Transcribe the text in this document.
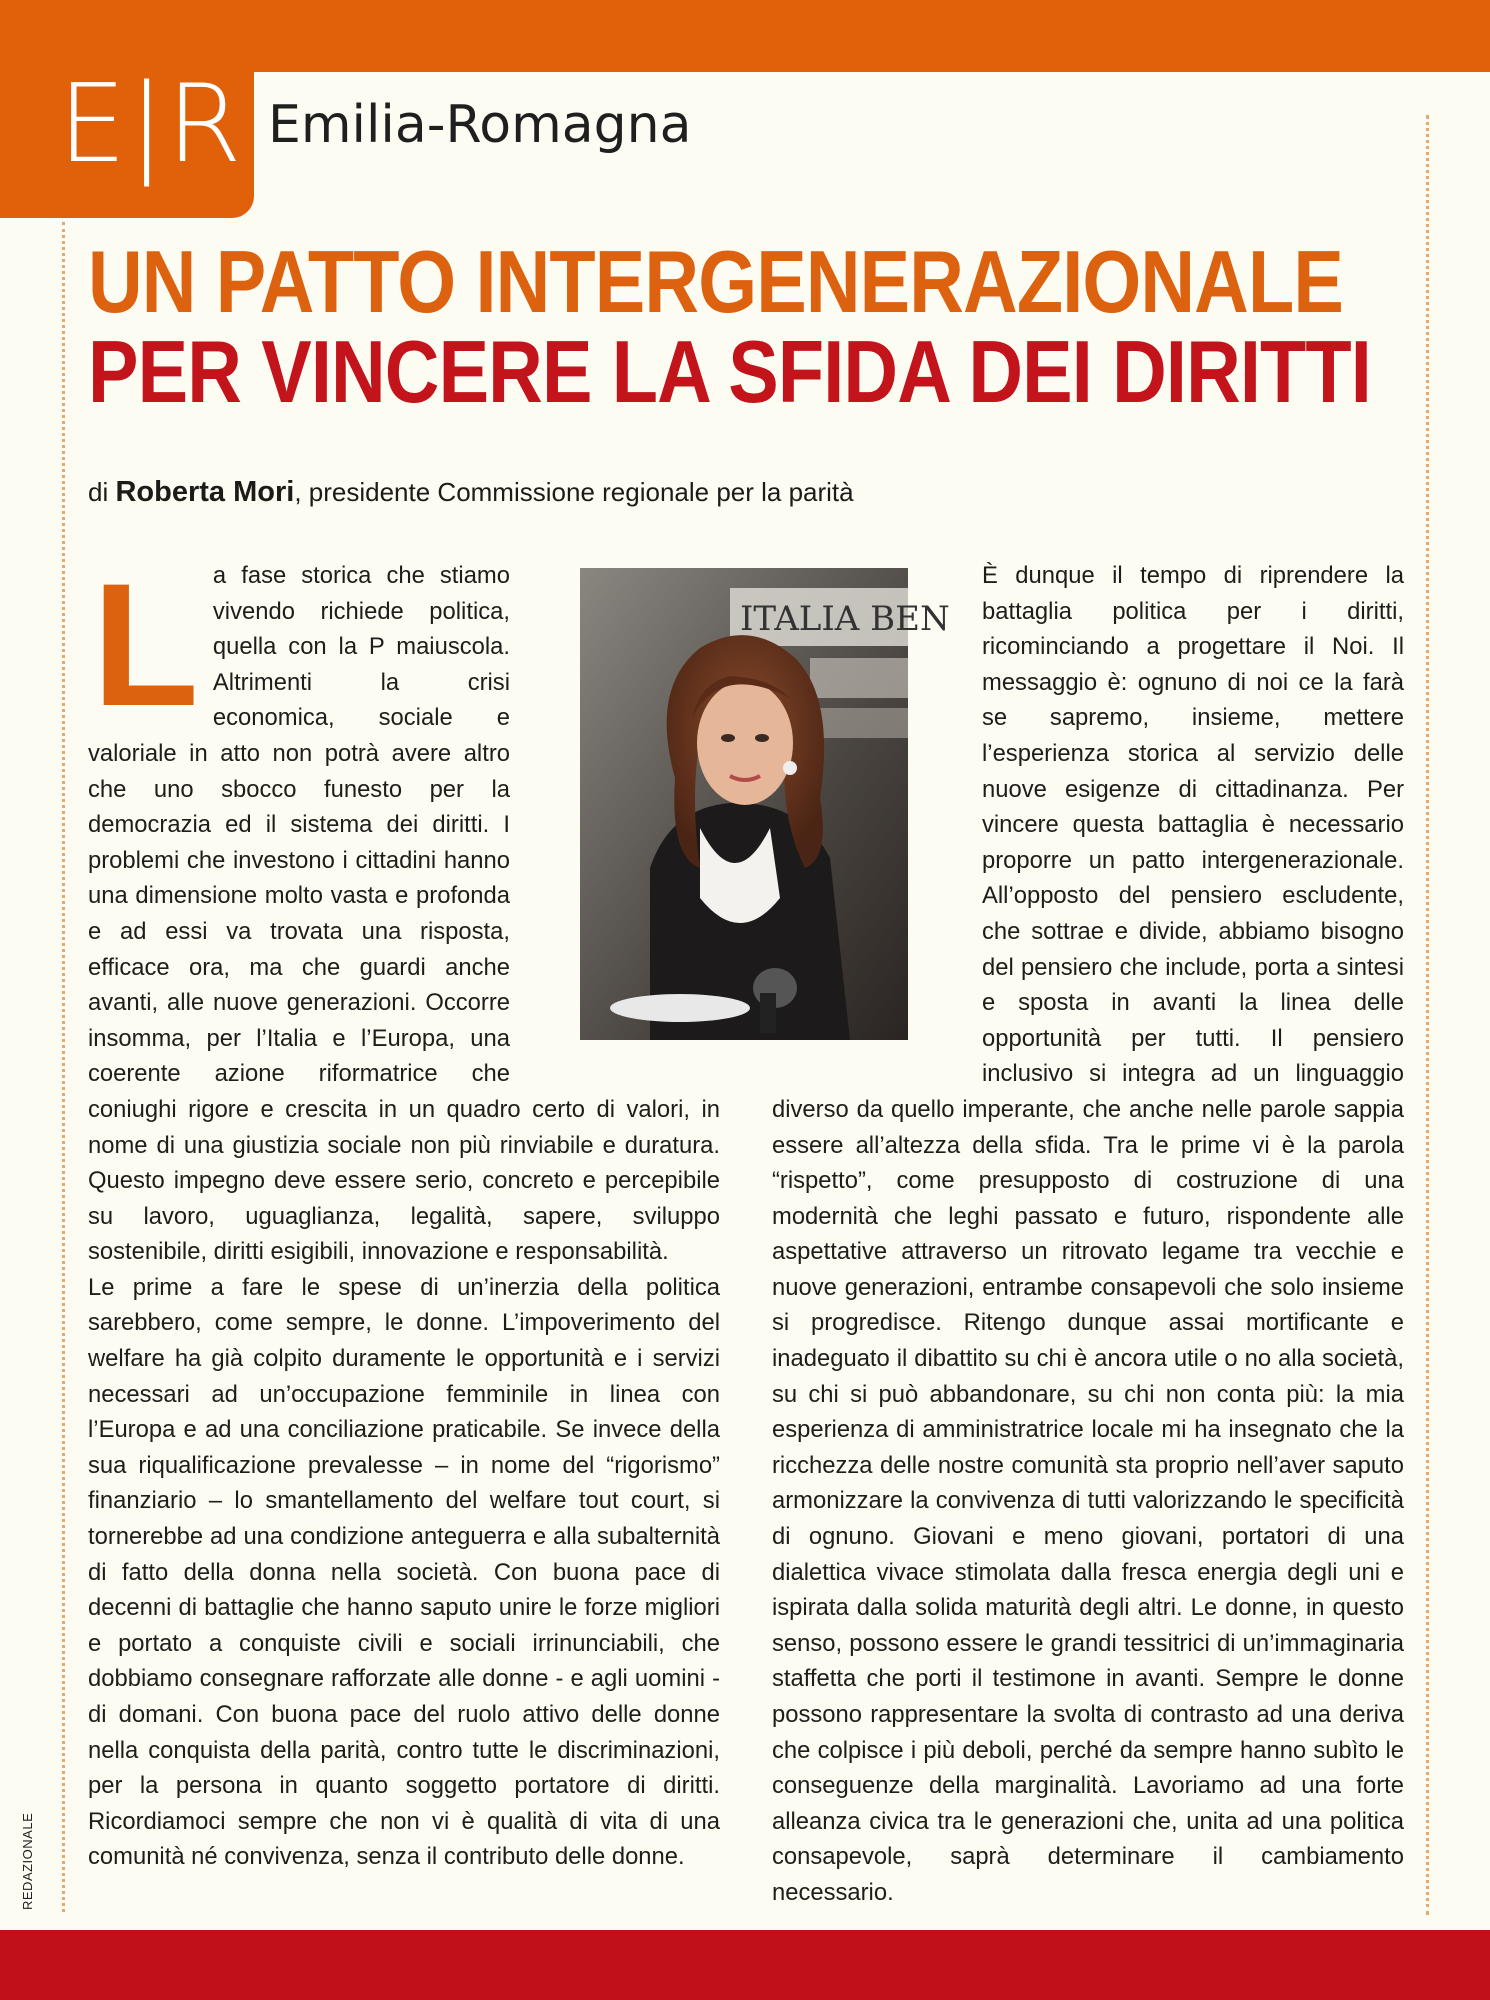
E|R Emilia-Romagna
UN PATTO INTERGENERAZIONALE
PER VINCERE LA SFIDA DEI DIRITTI
di Roberta Mori, presidente Commissione regionale per la parità

La fase storica che stiamo vivendo richiede politica, quella con la P maiuscola. Altrimenti la crisi economica, sociale e valoriale in atto non potrà avere altro che uno sbocco funesto per la democrazia ed il sistema dei diritti. I problemi che investono i cittadini hanno una dimensione molto vasta e profonda e ad essi va trovata una risposta, efficace ora, ma che guardi anche avanti, alle nuove generazioni. Occorre insomma, per l’Italia e l’Europa, una coerente azione riformatrice che coniughi rigore e crescita in un quadro certo di valori, in nome di una giustizia sociale non più rinviabile e duratura. Questo impegno deve essere serio, concreto e percepibile su lavoro, uguaglianza, legalità, sapere, sviluppo sostenibile, diritti esigibili, innovazione e responsabilità.

Le prime a fare le spese di un’inerzia della politica sarebbero, come sempre, le donne. L’impoverimento del welfare ha già colpito duramente le opportunità e i servizi necessari ad un’occupazione femminile in linea con l’Europa e ad una conciliazione praticabile. Se invece della sua riqualificazione prevalesse – in nome del “rigorismo” finanziario – lo smantellamento del welfare tout court, si tornerebbe ad una condizione anteguerra e alla subalternità di fatto della donna nella società. Con buona pace di decenni di battaglie che hanno saputo unire le forze migliori e portato a conquiste civili e sociali irrinunciabili, che dobbiamo consegnare rafforzate alle donne - e agli uomini - di domani. Con buona pace del ruolo attivo delle donne nella conquista della parità, contro tutte le discriminazioni, per la persona in quanto soggetto portatore di diritti. Ricordiamoci sempre che non vi è qualità di vita di una comunità né convivenza, senza il contributo delle donne.

È dunque il tempo di riprendere la battaglia politica per i diritti, ricominciando a progettare il Noi. Il messaggio è: ognuno di noi ce la farà se sapremo, insieme, mettere l’esperienza storica al servizio delle nuove esigenze di cittadinanza. Per vincere questa battaglia è necessario proporre un patto intergenerazionale. All’opposto del pensiero escludente, che sottrae e divide, abbiamo bisogno del pensiero che include, porta a sintesi e sposta in avanti la linea delle opportunità per tutti. Il pensiero inclusivo si integra ad un linguaggio diverso da quello imperante, che anche nelle parole sappia essere all’altezza della sfida. Tra le prime vi è la parola “rispetto”, come presupposto di costruzione di una modernità che leghi passato e futuro, rispondente alle aspettative attraverso un ritrovato legame tra vecchie e nuove generazioni, entrambe consapevoli che solo insieme si progredisce. Ritengo dunque assai mortificante e inadeguato il dibattito su chi è ancora utile o no alla società, su chi si può abbandonare, su chi non conta più: la mia esperienza di amministratrice locale mi ha insegnato che la ricchezza delle nostre comunità sta proprio nell’aver saputo armonizzare la convivenza di tutti valorizzando le specificità di ognuno. Giovani e meno giovani, portatori di una dialettica vivace stimolata dalla fresca energia degli uni e ispirata dalla solida maturità degli altri. Le donne, in questo senso, possono essere le grandi tessitrici di un’immaginaria staffetta che porti il testimone in avanti. Sempre le donne possono rappresentare la svolta di contrasto ad una deriva che colpisce i più deboli, perché da sempre hanno subìto le conseguenze della marginalità. Lavoriamo ad una forte alleanza civica tra le generazioni che, unita ad una politica consapevole, saprà determinare il cambiamento necessario.

ITALIA BEN
REDAZIONALE
